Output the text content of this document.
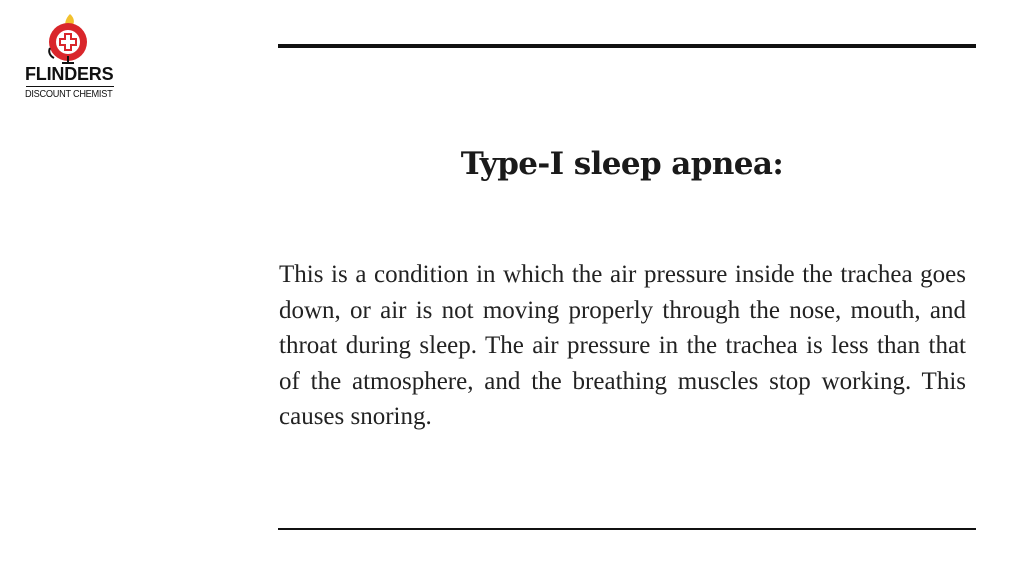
FLINDERS
DISCOUNT CHEMIST
Type-I sleep apnea:

This is a condition in which the air pressure inside the trachea goes down, or air is not moving properly through the nose, mouth, and throat during sleep. The air pressure in the trachea is less than that of the atmosphere, and the breathing muscles stop working. This causes snoring.
